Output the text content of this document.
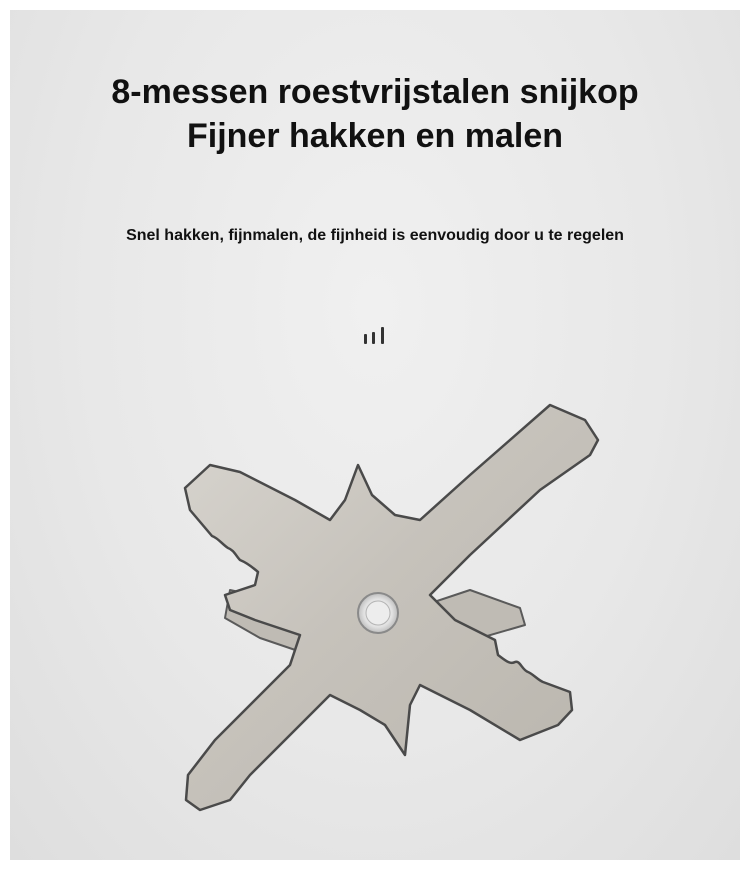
8-messen roestvrijstalen snijkop
Fijner hakken en malen

Snel hakken, fijnmalen, de fijnheid is eenvoudig door u te regelen
